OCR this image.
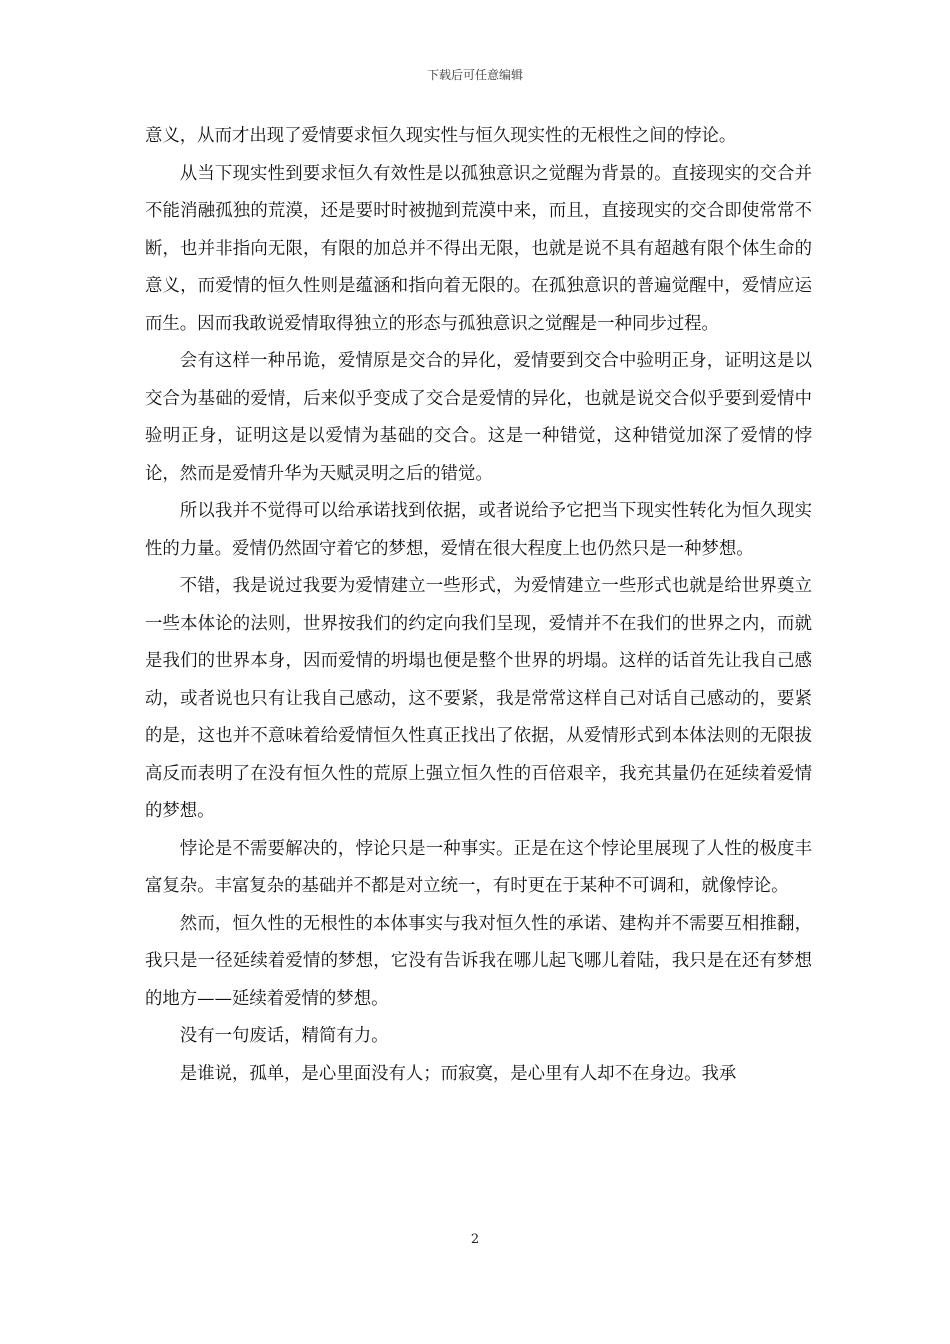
下载后可任意编辑

意义，从而才出现了爱情要求恒久现实性与恒久现实性的无根性之间的悖论。

从当下现实性到要求恒久有效性是以孤独意识之觉醒为背景的。直接现实的交合并不能消融孤独的荒漠，还是要时时被抛到荒漠中来，而且，直接现实的交合即使常常不断，也并非指向无限，有限的加总并不得出无限，也就是说不具有超越有限个体生命的意义，而爱情的恒久性则是蕴涵和指向着无限的。在孤独意识的普遍觉醒中，爱情应运而生。因而我敢说爱情取得独立的形态与孤独意识之觉醒是一种同步过程。

会有这样一种吊诡，爱情原是交合的异化，爱情要到交合中验明正身，证明这是以交合为基础的爱情，后来似乎变成了交合是爱情的异化，也就是说交合似乎要到爱情中验明正身，证明这是以爱情为基础的交合。这是一种错觉，这种错觉加深了爱情的悖论，然而是爱情升华为天赋灵明之后的错觉。

所以我并不觉得可以给承诺找到依据，或者说给予它把当下现实性转化为恒久现实性的力量。爱情仍然固守着它的梦想，爱情在很大程度上也仍然只是一种梦想。

不错，我是说过我要为爱情建立一些形式，为爱情建立一些形式也就是给世界奠立一些本体论的法则，世界按我们的约定向我们呈现，爱情并不在我们的世界之内，而就是我们的世界本身，因而爱情的坍塌也便是整个世界的坍塌。这样的话首先让我自己感动，或者说也只有让我自己感动，这不要紧，我是常常这样自己对话自己感动的，要紧的是，这也并不意味着给爱情恒久性真正找出了依据，从爱情形式到本体法则的无限拔高反而表明了在没有恒久性的荒原上强立恒久性的百倍艰辛，我充其量仍在延续着爱情的梦想。

悖论是不需要解决的，悖论只是一种事实。正是在这个悖论里展现了人性的极度丰富复杂。丰富复杂的基础并不都是对立统一，有时更在于某种不可调和，就像悖论。

然而，恒久性的无根性的本体事实与我对恒久性的承诺、建构并不需要互相推翻，我只是一径延续着爱情的梦想，它没有告诉我在哪儿起飞哪儿着陆，我只是在还有梦想的地方——延续着爱情的梦想。

没有一句废话，精简有力。

是谁说，孤单，是心里面没有人；而寂寞，是心里有人却不在身边。我承

2
